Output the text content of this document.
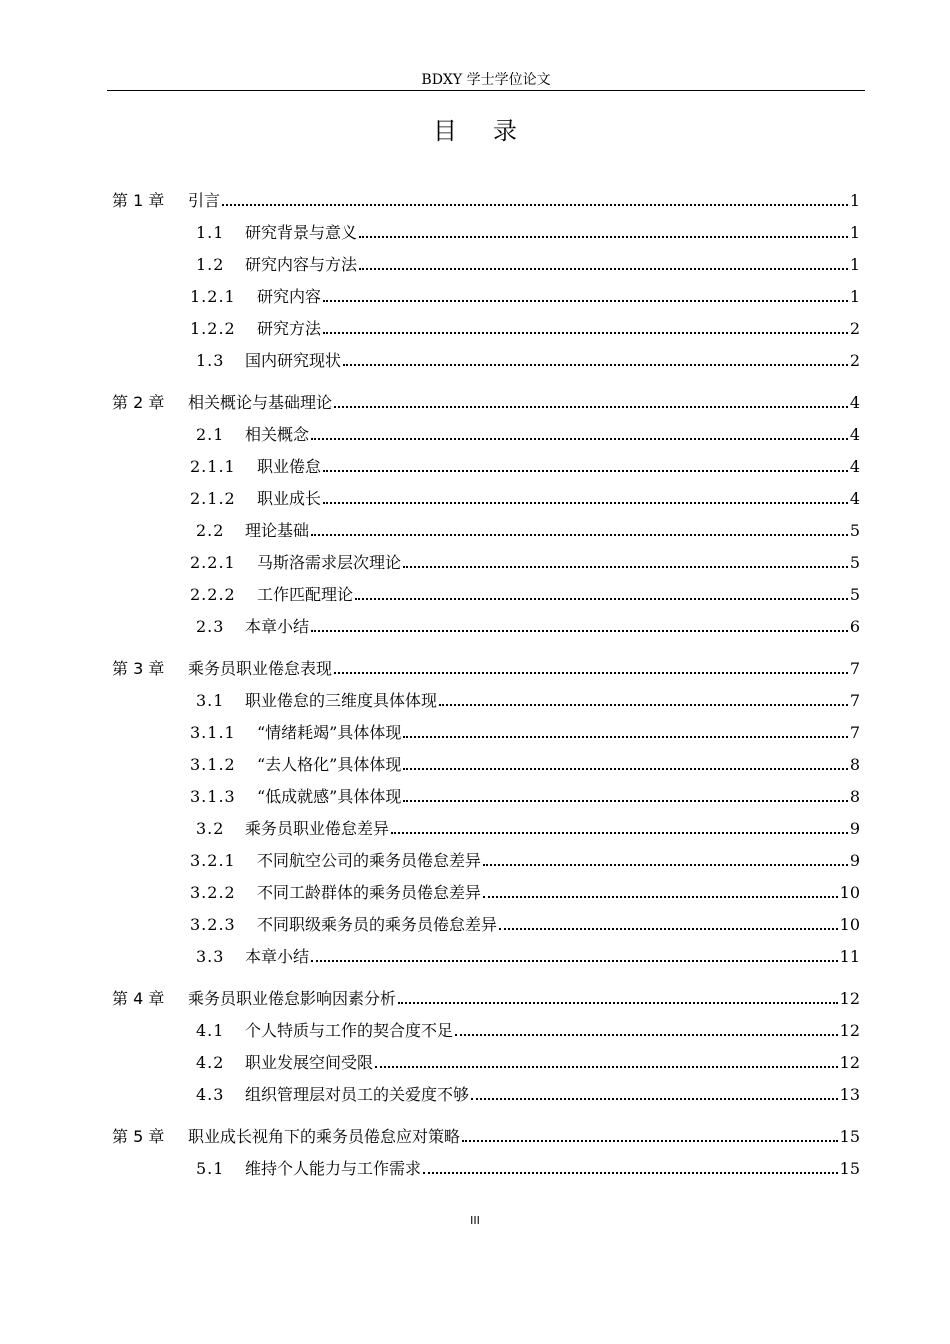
BDXY 学士学位论文
目录
第 1 章	引言	1
1.1	研究背景与意义	1
1.2	研究内容与方法	1
1.2.1	研究内容	1
1.2.2	研究方法	2
1.3	国内研究现状	2
第 2 章	相关概论与基础理论	4
2.1	相关概念	4
2.1.1	职业倦怠	4
2.1.2	职业成长	4
2.2	理论基础	5
2.2.1	马斯洛需求层次理论	5
2.2.2	工作匹配理论	5
2.3	本章小结	6
第 3 章	乘务员职业倦怠表现	7
3.1	职业倦怠的三维度具体体现	7
3.1.1	“情绪耗竭”具体体现	7
3.1.2	“去人格化”具体体现	8
3.1.3	“低成就感”具体体现	8
3.2	乘务员职业倦怠差异	9
3.2.1	不同航空公司的乘务员倦怠差异	9
3.2.2	不同工龄群体的乘务员倦怠差异	10
3.2.3	不同职级乘务员的乘务员倦怠差异	10
3.3	本章小结	11
第 4 章	乘务员职业倦怠影响因素分析	12
4.1	个人特质与工作的契合度不足	12
4.2	职业发展空间受限	12
4.3	组织管理层对员工的关爱度不够	13
第 5 章	职业成长视角下的乘务员倦怠应对策略	15
5.1	维持个人能力与工作需求	15
III
